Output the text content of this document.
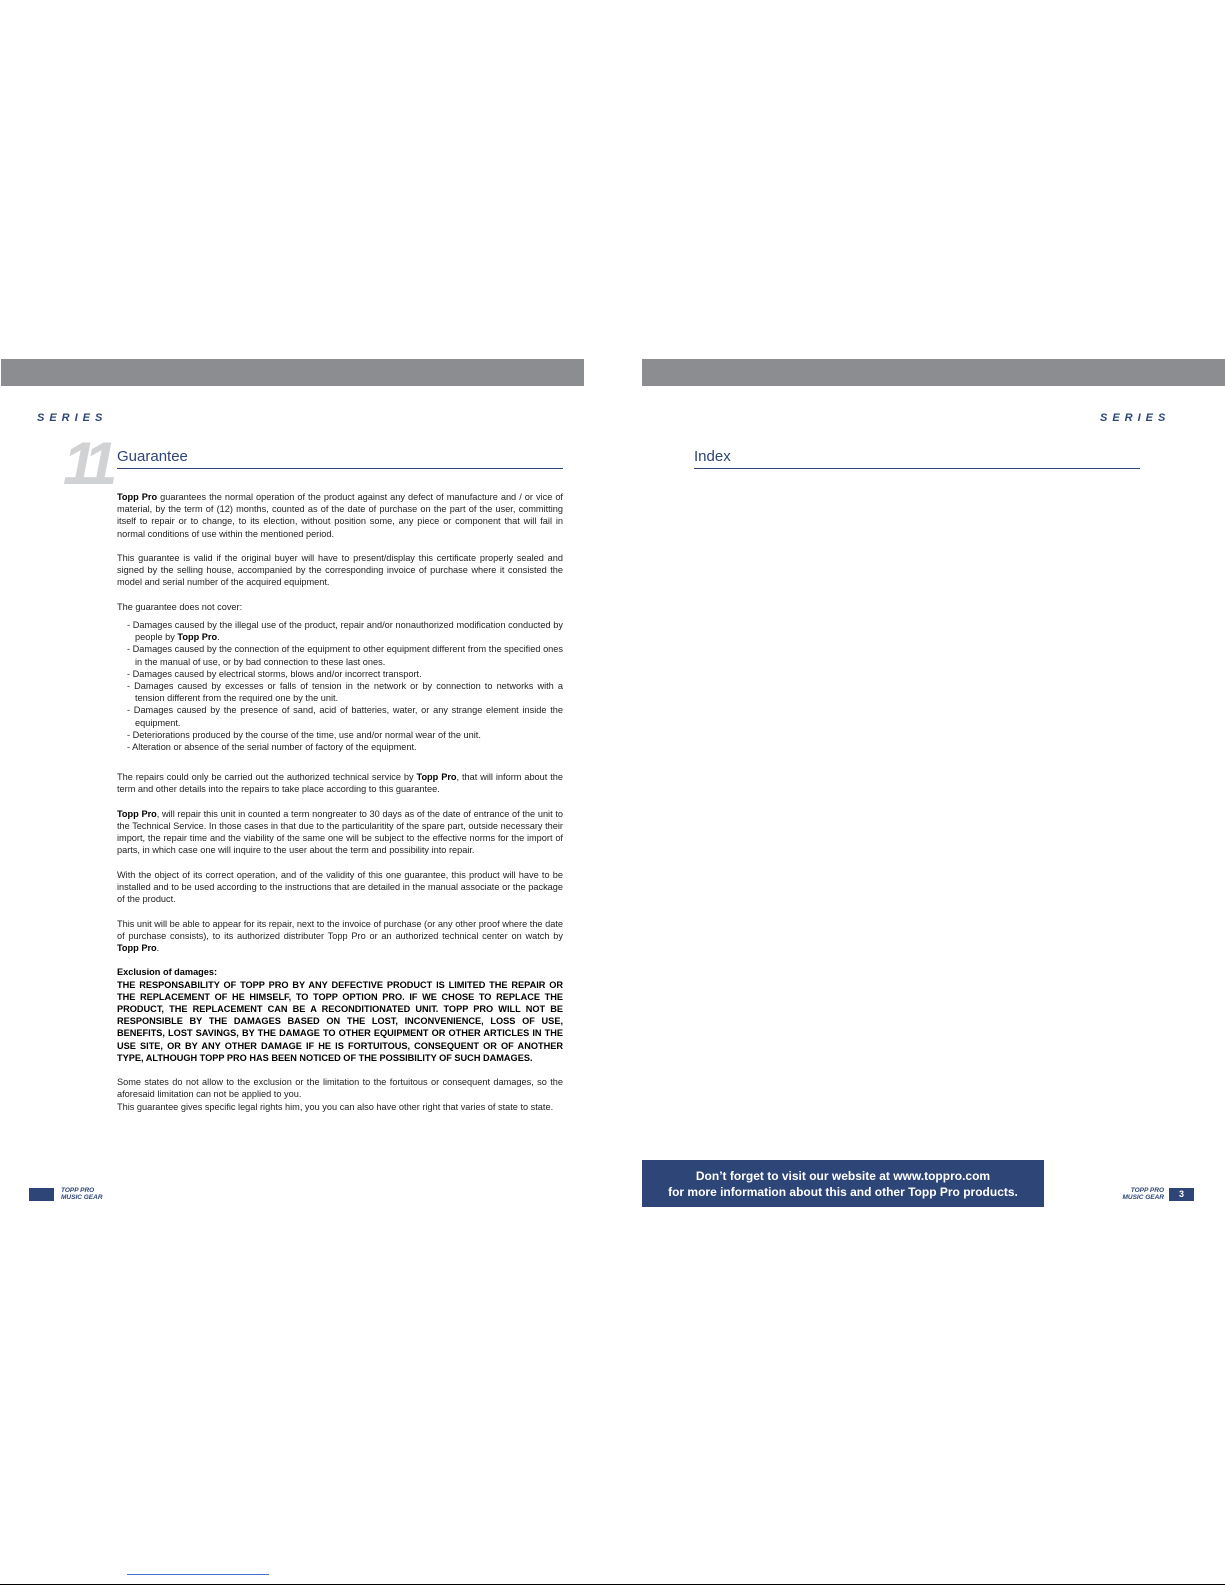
SERIES
11 Guarantee

Topp Pro guarantees the normal operation of the product against any defect of manufacture and / or vice of material, by the term of (12) months, counted as of the date of purchase on the part of the user, committing itself to repair or to change, to its election, without position some, any piece or component that will fail in normal conditions of use within the mentioned period.

This guarantee is valid if the original buyer will have to present/display this certificate properly sealed and signed by the selling house, accompanied by the corresponding invoice of purchase where it consisted the model and serial number of the acquired equipment.

The guarantee does not cover:

- Damages caused by the illegal use of the product, repair and/or nonauthorized modification conducted by people by Topp Pro.
- Damages caused by the connection of the equipment to other equipment different from the specified ones in the manual of use, or by bad connection to these last ones.
- Damages caused by electrical storms, blows and/or incorrect transport.
- Damages caused by excesses or falls of tension in the network or by connection to networks with a tension different from the required one by the unit.
- Damages caused by the presence of sand, acid of batteries, water, or any strange element inside the equipment.
- Deteriorations produced by the course of the time, use and/or normal wear of the unit.
- Alteration or absence of the serial number of factory of the equipment.

The repairs could only be carried out the authorized technical service by Topp Pro, that will inform about the term and other details into the repairs to take place according to this guarantee.

Topp Pro, will repair this unit in counted a term nongreater to 30 days as of the date of entrance of the unit to the Technical Service. In those cases in that due to the particularitity of the spare part, outside necessary their import, the repair time and the viability of the same one will be subject to the effective norms for the import of parts, in which case one will inquire to the user about the term and possibility into repair.

With the object of its correct operation, and of the validity of this one guarantee, this product will have to be installed and to be used according to the instructions that are detailed in the manual associate or the package of the product.

This unit will be able to appear for its repair, next to the invoice of purchase (or any other proof where the date of purchase consists), to its authorized distributer Topp Pro or an authorized technical center on watch by Topp Pro.

Exclusion of damages:

THE RESPONSABILITY OF TOPP PRO BY ANY DEFECTIVE PRODUCT IS LIMITED THE REPAIR OR THE REPLACEMENT OF HE HIMSELF, TO TOPP OPTION PRO. IF WE CHOSE TO REPLACE THE PRODUCT, THE REPLACEMENT CAN BE A RECONDITIONATED UNIT. TOPP PRO WILL NOT BE RESPONSIBLE BY THE DAMAGES BASED ON THE LOST, INCONVENIENCE, LOSS OF USE, BENEFITS, LOST SAVINGS, BY THE DAMAGE TO OTHER EQUIPMENT OR OTHER ARTICLES IN THE USE SITE, OR BY ANY OTHER DAMAGE IF HE IS FORTUITOUS, CONSEQUENT OR OF ANOTHER TYPE, ALTHOUGH TOPP PRO HAS BEEN NOTICED OF THE POSSIBILITY OF SUCH DAMAGES.

Some states do not allow to the exclusion or the limitation to the fortuitous or consequent damages, so the aforesaid limitation can not be applied to you.

This guarantee gives specific legal rights him, you you can also have other right that varies of state to state.

TOPP PRO
MUSIC GEAR
SERIES
Index
Don’t forget to visit our website at www.toppro.com
for more information about this and other Topp Pro products.	TOPP PRO
MUSIC GEAR	3
